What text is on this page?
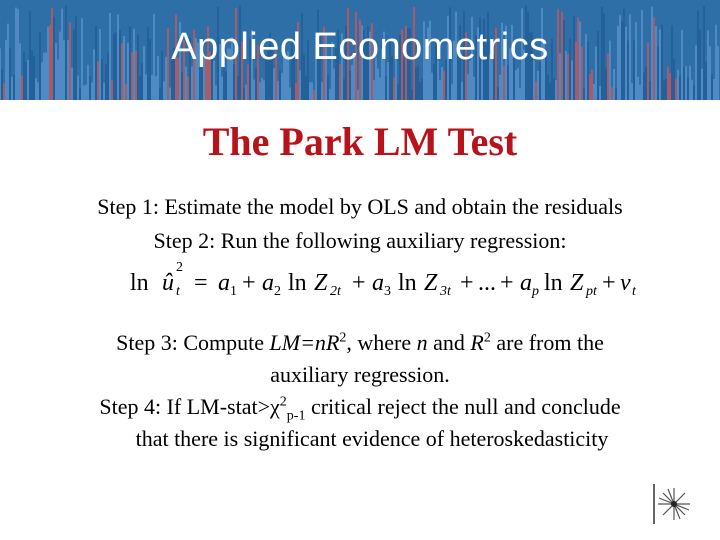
Applied Econometrics
The Park LM Test
Step 1: Estimate the model by OLS and obtain the residuals
Step 2: Run the following auxiliary regression:
ln û
2
t = a 1 + a 2 ln Z 2t + a 3 ln Z 3t + ... + a p ln Z pt + v t
Step 3: Compute $LM=nR^2$, where n and $R^2$ are from the
auxiliary regression.
Step 4: If $LM-stat>\chi^2_{p-1}$ critical reject the null and conclude
that there is significant evidence of heteroskedasticity
